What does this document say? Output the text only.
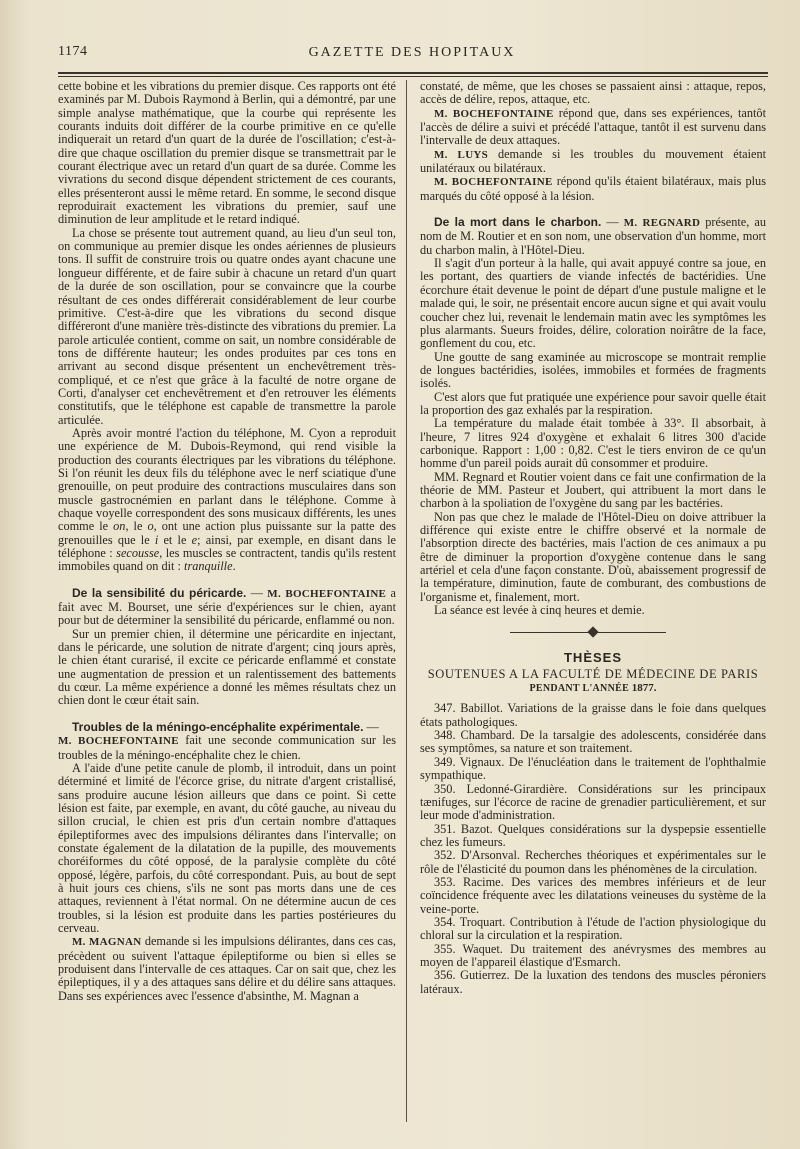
1174	GAZETTE DES HOPITAUX

cette bobine et les vibrations du premier disque. Ces rapports ont été examinés par M. Dubois Raymond à Berlin, qui a démontré, par une simple analyse mathématique, que la courbe qui représente les courants induits doit différer de la courbe primitive en ce qu'elle indiquerait un retard d'un quart de la durée de l'oscillation; c'est-à-dire que chaque oscillation du premier disque se transmettrait par le courant électrique avec un retard d'un quart de sa durée. Comme les vivrations du second disque dépendent strictement de ces courants, elles présenteront aussi le même retard. En somme, le second disque reproduirait exactement les vibrations du premier, sauf une diminution de leur amplitude et le retard indiqué.

La chose se présente tout autrement quand, au lieu d'un seul ton, on communique au premier disque les ondes aériennes de plusieurs tons. Il suffit de construire trois ou quatre ondes ayant chacune une longueur différente, et de faire subir à chacune un retard d'un quart de la durée de son oscillation, pour se convaincre que la courbe résultant de ces ondes différerait considérablement de leur courbe primitive. C'est-à-dire que les vibrations du second disque différeront d'une manière très-distincte des vibrations du premier. La parole articulée contient, comme on sait, un nombre considérable de tons de différente hauteur; les ondes produites par ces tons en arrivant au second disque présentent un enchevêtrement très-compliqué, et ce n'est que grâce à la faculté de notre organe de Corti, d'analyser cet enchevêtrement et d'en retrouver les éléments constitutifs, que le téléphone est capable de transmettre la parole articulée.

Après avoir montré l'action du téléphone, M. Cyon a reproduit une expérience de M. Dubois-Reymond, qui rend visible la production des courants électriques par les vibrations du téléphone. Si l'on réunit les deux fils du téléphone avec le nerf sciatique d'une grenouille, on peut produire des contractions musculaires dans son muscle gastrocnémien en parlant dans le téléphone. Comme à chaque voyelle correspondent des sons musicaux différents, les unes comme le on, le o, ont une action plus puissante sur la patte des grenouilles que le i et le e; ainsi, par exemple, en disant dans le téléphone : secousse, les muscles se contractent, tandis qu'ils restent immobiles quand on dit : tranquille.

De la sensibilité du péricarde. — M. BOCHEFONTAINE a fait avec M. Bourset, une série d'expériences sur le chien, ayant pour but de déterminer la sensibilité du péricarde, enflammé ou non.

Sur un premier chien, il détermine une péricardite en injectant, dans le péricarde, une solution de nitrate d'argent; cinq jours après, le chien étant curarisé, il excite ce péricarde enflammé et constate une augmentation de pression et un ralentissement des battements du cœur. La même expérience a donné les mêmes résultats chez un chien dont le cœur était sain.

Troubles de la méningo-encéphalite expérimentale. —

M. BOCHEFONTAINE fait une seconde communication sur les troubles de la méningo-encéphalite chez le chien.

A l'aide d'une petite canule de plomb, il introduit, dans un point déterminé et limité de l'écorce grise, du nitrate d'argent cristallisé, sans produire aucune lésion ailleurs que dans ce point. Si cette lésion est faite, par exemple, en avant, du côté gauche, au niveau du sillon crucial, le chien est pris d'un certain nombre d'attaques épileptiformes avec des impulsions délirantes dans l'intervalle; on constate également de la dilatation de la pupille, des mouvements choréiformes du côté opposé, de la paralysie complète du côté opposé, légère, parfois, du côté correspondant. Puis, au bout de sept à huit jours ces chiens, s'ils ne sont pas morts dans une de ces attaques, reviennent à l'état normal. On ne détermine aucun de ces troubles, si la lésion est produite dans les parties postérieures du cerveau.

M. MAGNAN demande si les impulsions délirantes, dans ces cas, précèdent ou suivent l'attaque épileptiforme ou bien si elles se produisent dans l'intervalle de ces attaques. Car on sait que, chez les épileptiques, il y a des attaques sans délire et du délire sans attaques. Dans ses expériences avec l'essence d'absinthe, M. Magnan a

constaté, de même, que les choses se passaient ainsi : attaque, repos, accès de délire, repos, attaque, etc.

M. BOCHEFONTAINE répond que, dans ses expériences, tantôt l'accès de délire a suivi et précédé l'attaque, tantôt il est survenu dans l'intervalle de deux attaques.

M. LUYS demande si les troubles du mouvement étaient unilatéraux ou bilatéraux.

M. BOCHEFONTAINE répond qu'ils étaient bilatéraux, mais plus marqués du côté opposé à la lésion.

De la mort dans le charbon. — M. REGNARD présente, au nom de M. Routier et en son nom, une observation d'un homme, mort du charbon malin, à l'Hôtel-Dieu.

Il s'agit d'un porteur à la halle, qui avait appuyé contre sa joue, en les portant, des quartiers de viande infectés de bactéridies. Une écorchure était devenue le point de départ d'une pustule maligne et le malade qui, le soir, ne présentait encore aucun signe et qui avait voulu coucher chez lui, revenait le lendemain matin avec les symptômes les plus alarmants. Sueurs froides, délire, coloration noirâtre de la face, gonflement du cou, etc.

Une goutte de sang examinée au microscope se montrait remplie de longues bactéridies, isolées, immobiles et formées de fragments isolés.

C'est alors que fut pratiquée une expérience pour savoir quelle était la proportion des gaz exhalés par la respiration.

La température du malade était tombée à 33°. Il absorbait, à l'heure, 7 litres 924 d'oxygène et exhalait 6 litres 300 d'acide carbonique. Rapport : 1,00 : 0,82. C'est le tiers environ de ce qu'un homme d'un pareil poids aurait dû consommer et produire.

MM. Regnard et Routier voient dans ce fait une confirmation de la théorie de MM. Pasteur et Joubert, qui attribuent la mort dans le charbon à la spoliation de l'oxygène du sang par les bactéries.

Non pas que chez le malade de l'Hôtel-Dieu on doive attribuer la différence qui existe entre le chiffre observé et la normale de l'absorption directe des bactéries, mais l'action de ces animaux a pu être de diminuer la proportion d'oxygène contenue dans le sang artériel et cela d'une façon constante. D'où, abaissement progressif de la température, diminution, faute de comburant, des combustions de l'organisme et, finalement, mort.

La séance est levée à cinq heures et demie.

THÈSES
SOUTENUES A LA FACULTÉ DE MÉDECINE DE PARIS
PENDANT L'ANNÉE 1877.

347. Babillot. Variations de la graisse dans le foie dans quelques états pathologiques.

348. Chambard. De la tarsalgie des adolescents, considérée dans ses symptômes, sa nature et son traitement.

349. Vignaux. De l'énucléation dans le traitement de l'ophthalmie sympathique.

350. Ledonné-Girardière. Considérations sur les principaux tænifuges, sur l'écorce de racine de grenadier particulièrement, et sur leur mode d'administration.

351. Bazot. Quelques considérations sur la dyspepsie essentielle chez les fumeurs.

352. D'Arsonval. Recherches théoriques et expérimentales sur le rôle de l'élasticité du poumon dans les phénomènes de la circulation.

353. Racime. Des varices des membres inférieurs et de leur coïncidence fréquente avec les dilatations veineuses du système de la veine-porte.

354. Troquart. Contribution à l'étude de l'action physiologique du chloral sur la circulation et la respiration.

355. Waquet. Du traitement des anévrysmes des membres au moyen de l'appareil élastique d'Esmarch.

356. Gutierrez. De la luxation des tendons des muscles péroniers latéraux.
